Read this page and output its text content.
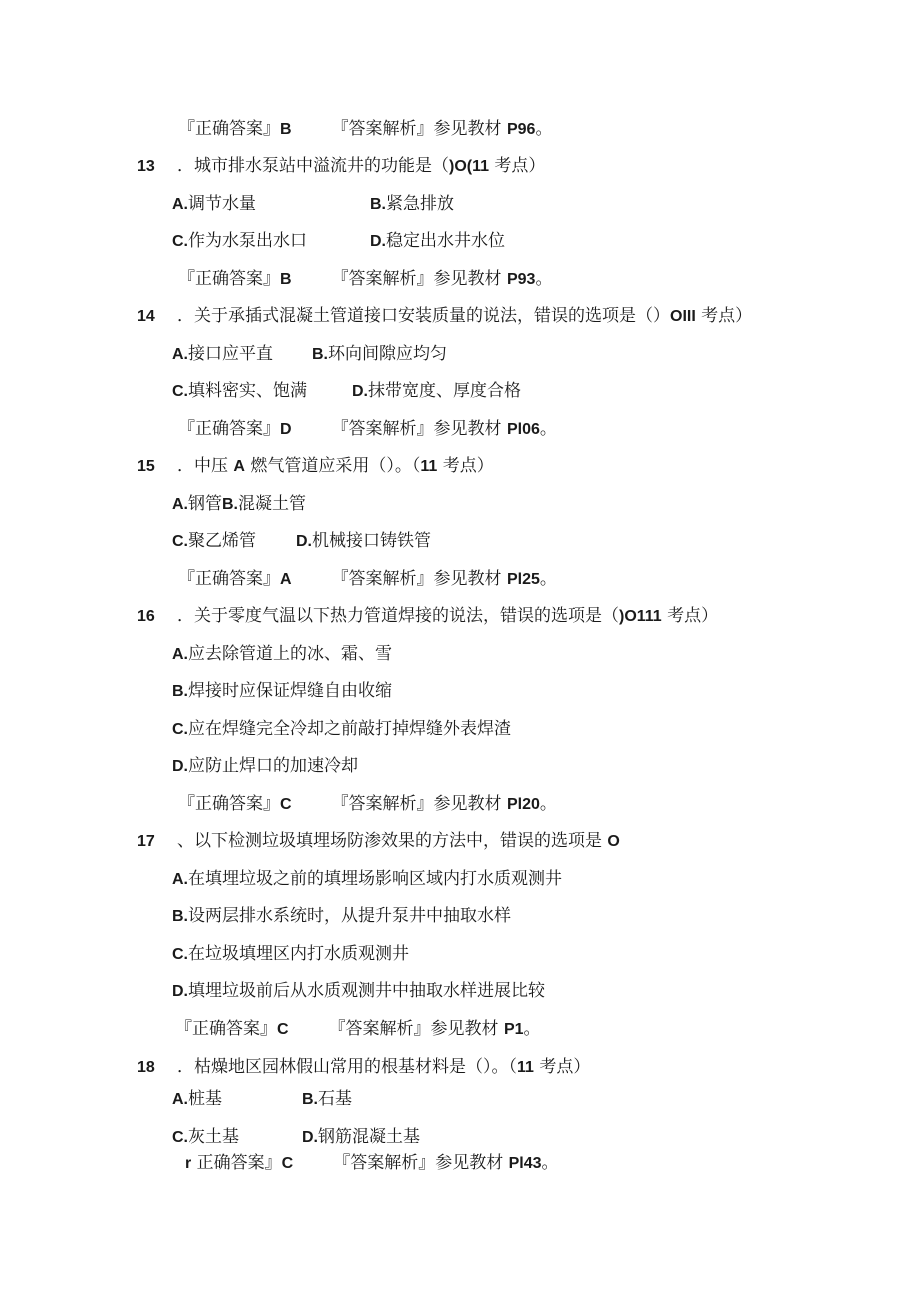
『正确答案』B 『答案解析』参见教材 P96。
13 ．城市排水泵站中溢流井的功能是（)O(11 考点）
A.调节水量	B.紧急排放
C.作为水泵出水口	D.稳定出水井水位
『正确答案』B 『答案解析』参见教材 P93。
14 ．关于承插式混凝土管道接口安装质量的说法，错误的选项是（）OIII 考点）
A.接口应平直 B.环向间隙应均匀
C.填料密实、饱满	D.抹带宽度、厚度合格
『正确答案』D 『答案解析』参见教材 Pl06。
15 ．中压 A 燃气管道应采用（）。（11 考点）
A.钢管B.混凝土管
C.聚乙烯管	D.机械接口铸铁管
『正确答案』A 『答案解析』参见教材 Pl25。
16 ．关于零度气温以下热力管道焊接的说法，错误的选项是（)O111 考点）
A.应去除管道上的冰、霜、雪
B.焊接时应保证焊缝自由收缩
C.应在焊缝完全冷却之前敲打掉焊缝外表焊渣
D.应防止焊口的加速冷却
『正确答案』C 『答案解析』参见教材 Pl20。
17 、以下检测垃圾填埋场防渗效果的方法中，错误的选项是 O
A.在填埋垃圾之前的填埋场影响区域内打水质观测井
B.设两层排水系统时，从提升泵井中抽取水样
C.在垃圾填埋区内打水质观测井
D.填埋垃圾前后从水质观测井中抽取水样进展比较
『正确答案』C 『答案解析』参见教材 P1。
18 ．枯燥地区园林假山常用的根基材料是（）。（11 考点）
A.桩基	B.石基
C.灰土基	D.钢筋混凝土基
r 正确答案』C 『答案解析』参见教材 Pl43。
